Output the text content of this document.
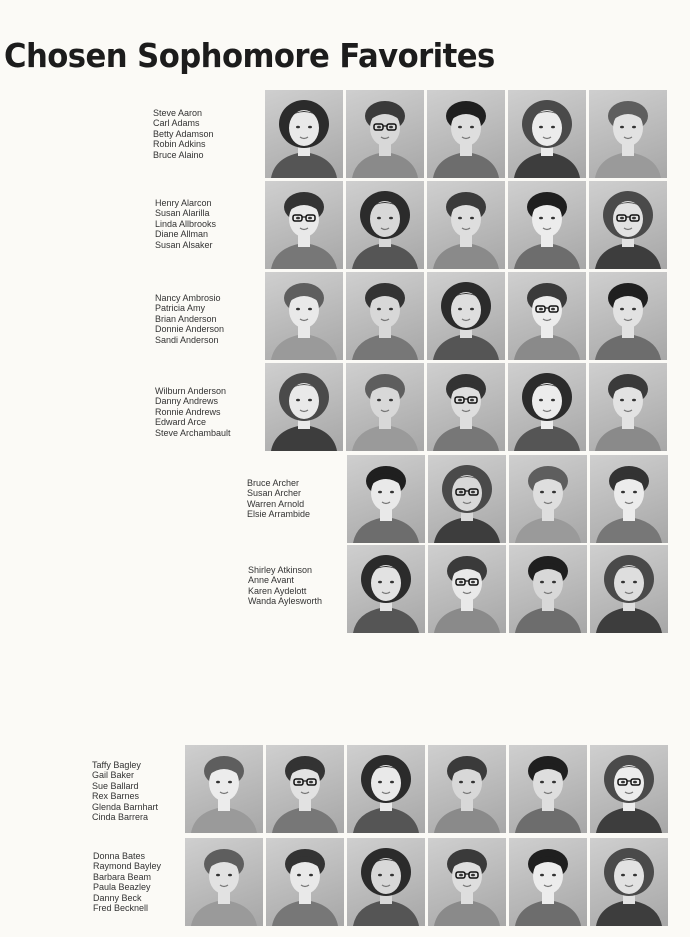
Chosen Sophomore Favorites
Steve Aaron
Carl Adams
Betty Adamson
Robin Adkins
Bruce Alaino
Henry Alarcon
Susan Alarilla
Linda Allbrooks
Diane Allman
Susan Alsaker
Nancy Ambrosio
Patricia Amy
Brian Anderson
Donnie Anderson
Sandi Anderson
Wilburn Anderson
Danny Andrews
Ronnie Andrews
Edward Arce
Steve Archambault
Bruce Archer
Susan Archer
Warren Arnold
Elsie Arrambide
Shirley Atkinson
Anne Avant
Karen Aydelott
Wanda Aylesworth
Taffy Bagley
Gail Baker
Sue Ballard
Rex Barnes
Glenda Barnhart
Cinda Barrera
Donna Bates
Raymond Bayley
Barbara Beam
Paula Beazley
Danny Beck
Fred Becknell
